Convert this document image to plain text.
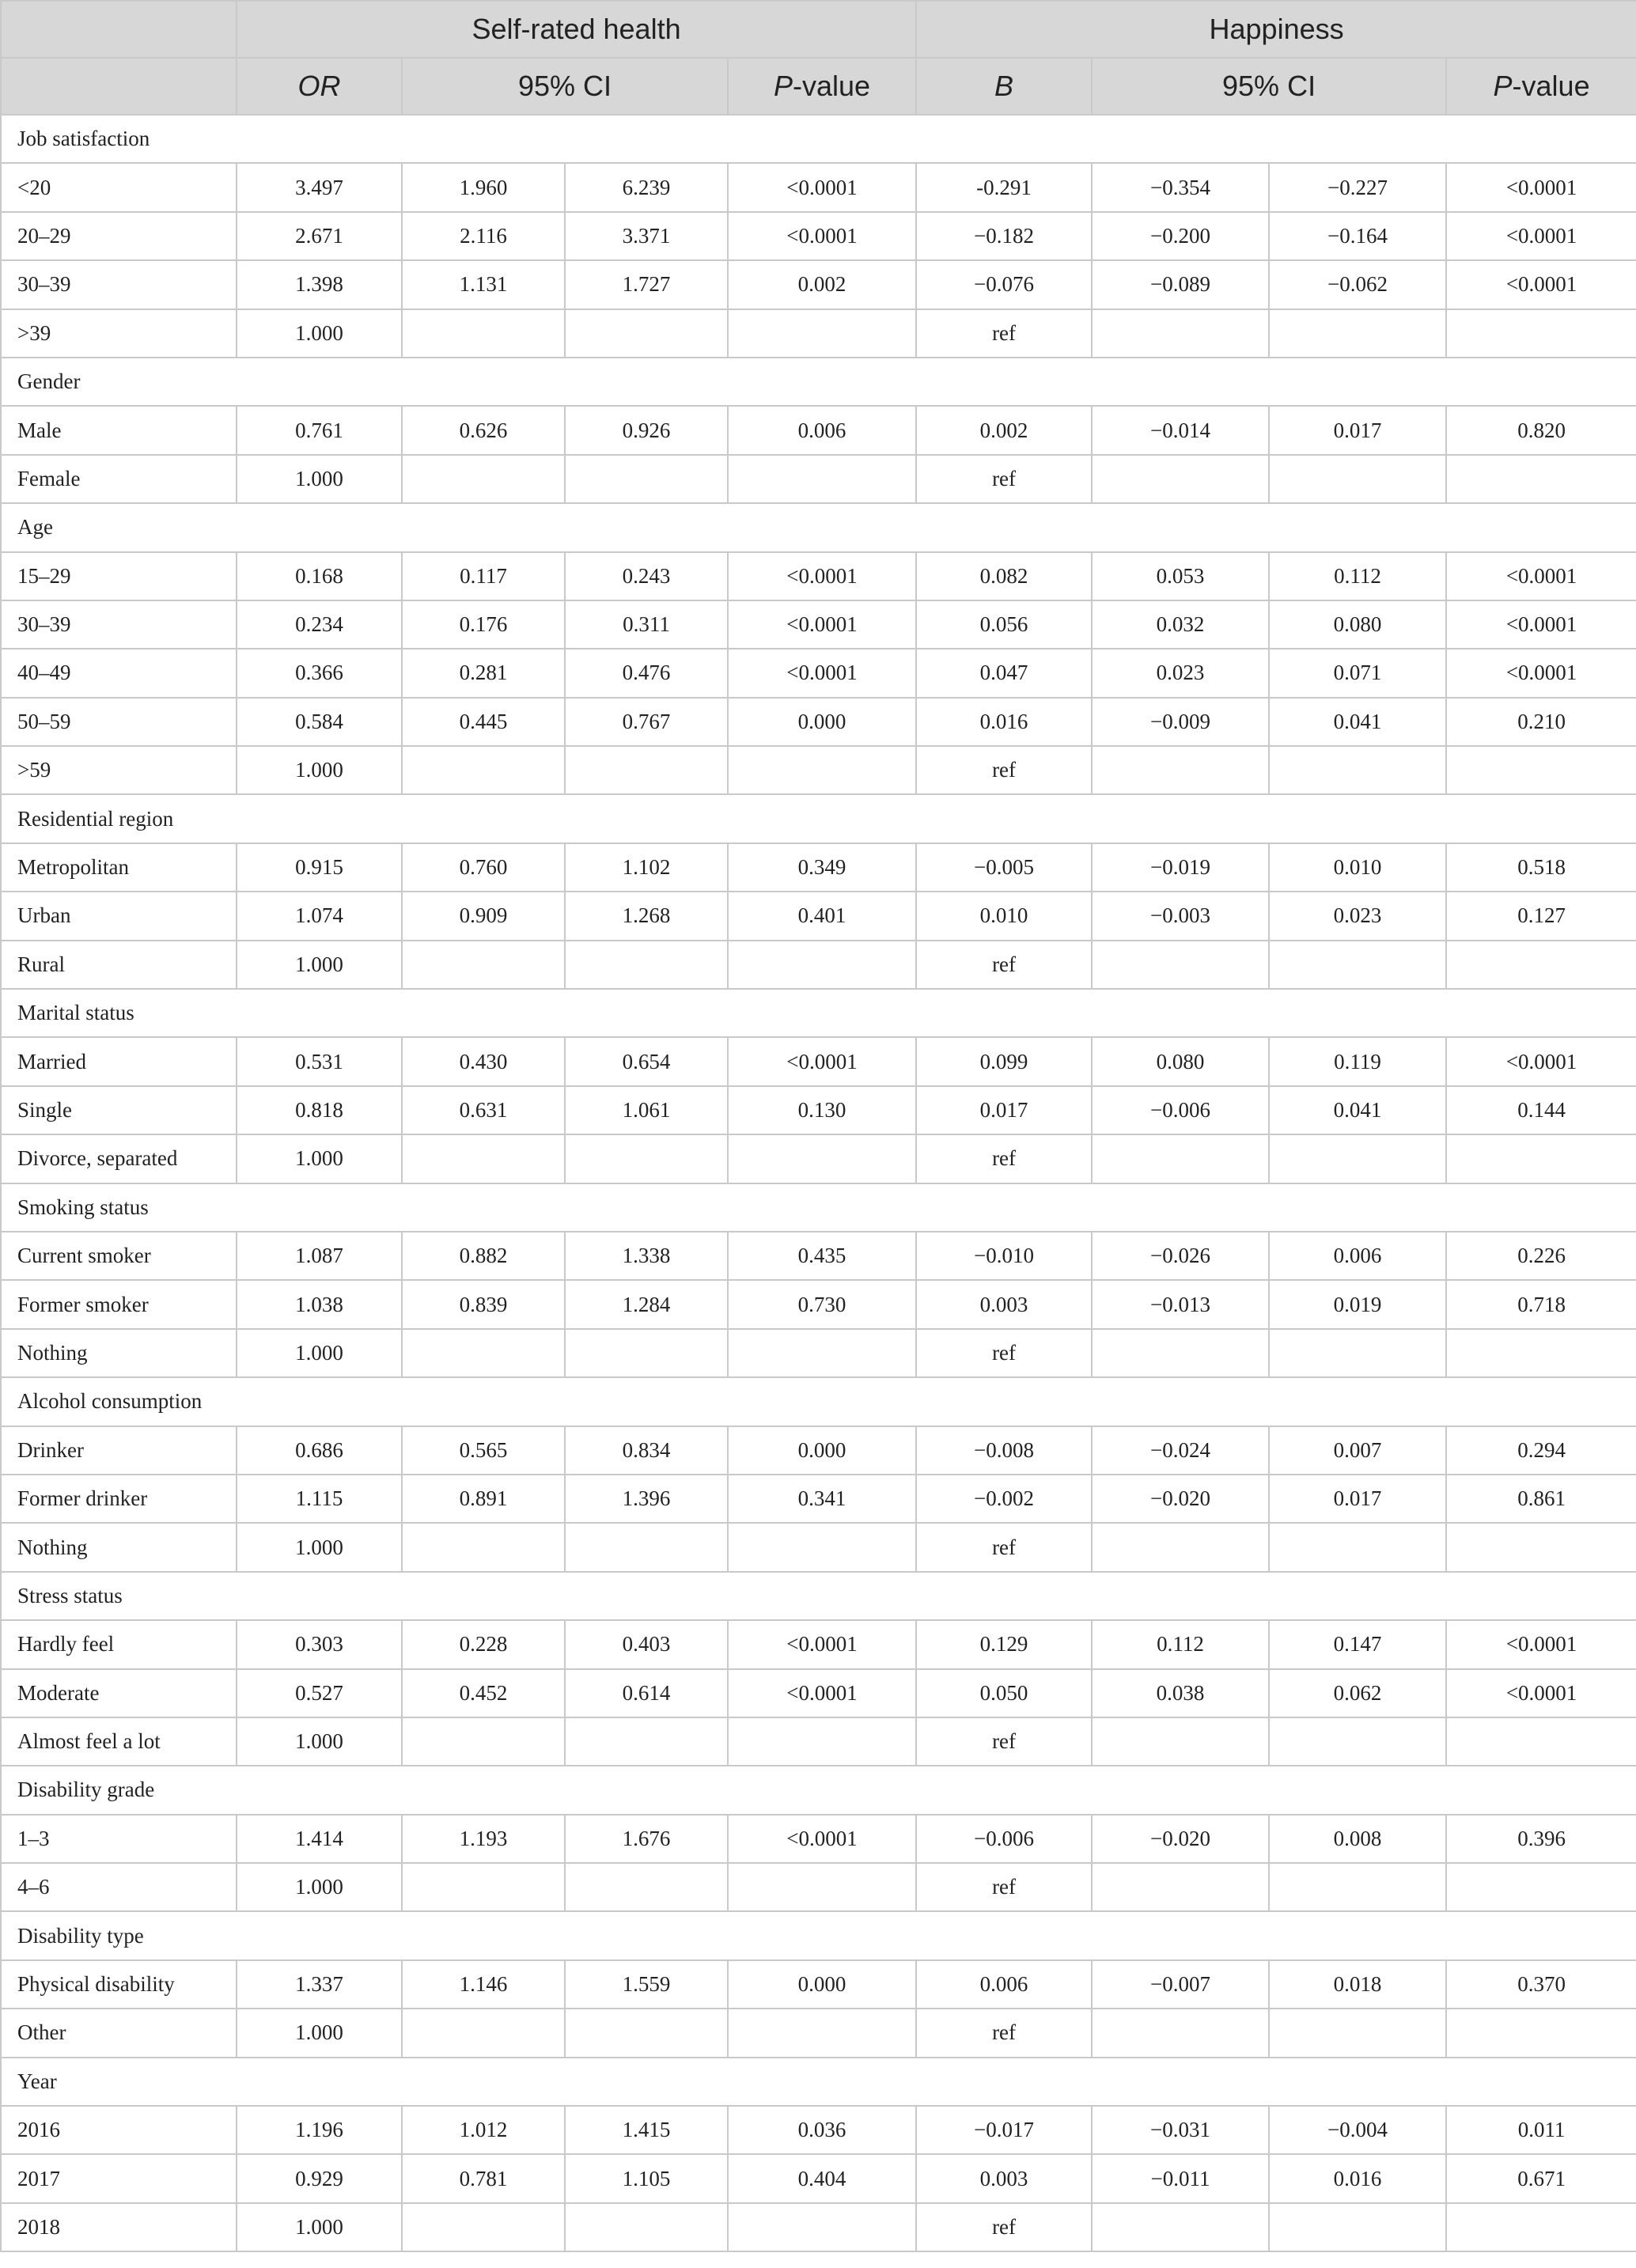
	Self-rated health				Happiness			
	OR	95% CI		P-value	B	95% CI		P-value
Job satisfaction								
<20	3.497	1.960	6.239	<0.0001	-0.291	−0.354	−0.227	<0.0001
20–29	2.671	2.116	3.371	<0.0001	−0.182	−0.200	−0.164	<0.0001
30–39	1.398	1.131	1.727	0.002	−0.076	−0.089	−0.062	<0.0001
>39	1.000				ref			
Gender								
Male	0.761	0.626	0.926	0.006	0.002	−0.014	0.017	0.820
Female	1.000				ref			
Age								
15–29	0.168	0.117	0.243	<0.0001	0.082	0.053	0.112	<0.0001
30–39	0.234	0.176	0.311	<0.0001	0.056	0.032	0.080	<0.0001
40–49	0.366	0.281	0.476	<0.0001	0.047	0.023	0.071	<0.0001
50–59	0.584	0.445	0.767	0.000	0.016	−0.009	0.041	0.210
>59	1.000				ref			
Residential region								
Metropolitan	0.915	0.760	1.102	0.349	−0.005	−0.019	0.010	0.518
Urban	1.074	0.909	1.268	0.401	0.010	−0.003	0.023	0.127
Rural	1.000				ref			
Marital status								
Married	0.531	0.430	0.654	<0.0001	0.099	0.080	0.119	<0.0001
Single	0.818	0.631	1.061	0.130	0.017	−0.006	0.041	0.144
Divorce, separated	1.000				ref			
Smoking status								
Current smoker	1.087	0.882	1.338	0.435	−0.010	−0.026	0.006	0.226
Former smoker	1.038	0.839	1.284	0.730	0.003	−0.013	0.019	0.718
Nothing	1.000				ref			
Alcohol consumption								
Drinker	0.686	0.565	0.834	0.000	−0.008	−0.024	0.007	0.294
Former drinker	1.115	0.891	1.396	0.341	−0.002	−0.020	0.017	0.861
Nothing	1.000				ref			
Stress status								
Hardly feel	0.303	0.228	0.403	<0.0001	0.129	0.112	0.147	<0.0001
Moderate	0.527	0.452	0.614	<0.0001	0.050	0.038	0.062	<0.0001
Almost feel a lot	1.000				ref			
Disability grade								
1–3	1.414	1.193	1.676	<0.0001	−0.006	−0.020	0.008	0.396
4–6	1.000				ref			
Disability type								
Physical disability	1.337	1.146	1.559	0.000	0.006	−0.007	0.018	0.370
Other	1.000				ref			
Year								
2016	1.196	1.012	1.415	0.036	−0.017	−0.031	−0.004	0.011
2017	0.929	0.781	1.105	0.404	0.003	−0.011	0.016	0.671
2018	1.000				ref			
